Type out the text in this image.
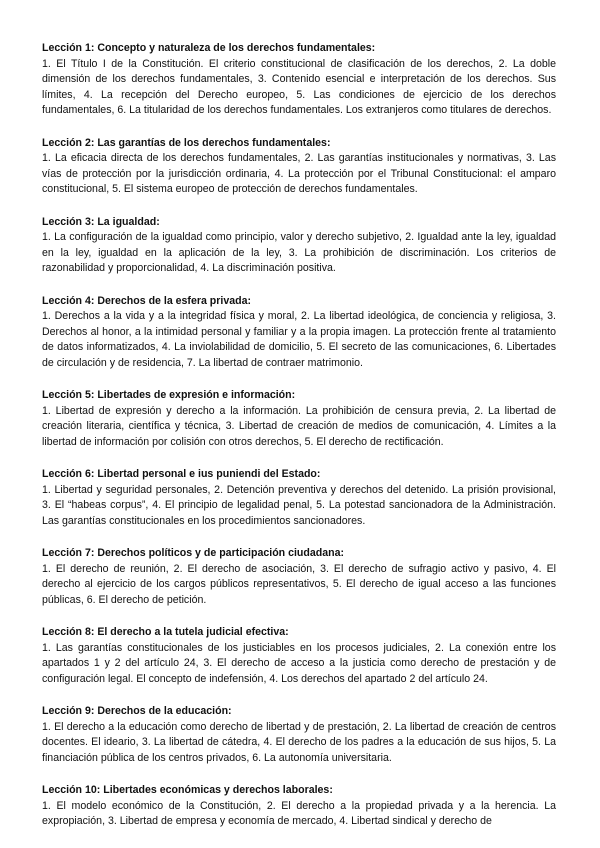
Lección 1: Concepto y naturaleza de los derechos fundamentales:

1. El Título I de la Constitución. El criterio constitucional de clasificación de los derechos, 2. La doble dimensión de los derechos fundamentales, 3. Contenido esencial e interpretación de los derechos. Sus límites, 4. La recepción del Derecho europeo, 5. Las condiciones de ejercicio de los derechos fundamentales, 6. La titularidad de los derechos fundamentales. Los extranjeros como titulares de derechos.

Lección 2: Las garantías de los derechos fundamentales:

1. La eficacia directa de los derechos fundamentales, 2. Las garantías institucionales y normativas, 3. Las vías de protección por la jurisdicción ordinaria, 4. La protección por el Tribunal Constitucional: el amparo constitucional, 5. El sistema europeo de protección de derechos fundamentales.

Lección 3: La igualdad:

1. La configuración de la igualdad como principio, valor y derecho subjetivo, 2. Igualdad ante la ley, igualdad en la ley, igualdad en la aplicación de la ley, 3. La prohibición de discriminación. Los criterios de razonabilidad y proporcionalidad, 4. La discriminación positiva.

Lección 4: Derechos de la esfera privada:

1. Derechos a la vida y a la integridad física y moral, 2. La libertad ideológica, de conciencia y religiosa, 3. Derechos al honor, a la intimidad personal y familiar y a la propia imagen. La protección frente al tratamiento de datos informatizados, 4. La inviolabilidad de domicilio, 5. El secreto de las comunicaciones, 6. Libertades de circulación y de residencia, 7. La libertad de contraer matrimonio.

Lección 5: Libertades de expresión e información:

1. Libertad de expresión y derecho a la información. La prohibición de censura previa, 2. La libertad de creación literaria, científica y técnica, 3. Libertad de creación de medios de comunicación, 4. Límites a la libertad de información por colisión con otros derechos, 5. El derecho de rectificación.

Lección 6: Libertad personal e ius puniendi del Estado:

1. Libertad y seguridad personales, 2. Detención preventiva y derechos del detenido. La prisión provisional, 3. El “habeas corpus”, 4. El principio de legalidad penal, 5. La potestad sancionadora de la Administración. Las garantías constitucionales en los procedimientos sancionadores.

Lección 7: Derechos políticos y de participación ciudadana:

1. El derecho de reunión, 2. El derecho de asociación, 3. El derecho de sufragio activo y pasivo, 4. El derecho al ejercicio de los cargos públicos representativos, 5. El derecho de igual acceso a las funciones públicas, 6. El derecho de petición.

Lección 8: El derecho a la tutela judicial efectiva:

1. Las garantías constitucionales de los justiciables en los procesos judiciales, 2. La conexión entre los apartados 1 y 2 del artículo 24, 3. El derecho de acceso a la justicia como derecho de prestación y de configuración legal. El concepto de indefensión, 4. Los derechos del apartado 2 del artículo 24.

Lección 9: Derechos de la educación:

1. El derecho a la educación como derecho de libertad y de prestación, 2. La libertad de creación de centros docentes. El ideario, 3. La libertad de cátedra, 4. El derecho de los padres a la educación de sus hijos, 5. La financiación pública de los centros privados, 6. La autonomía universitaria.

Lección 10: Libertades económicas y derechos laborales:

1. El modelo económico de la Constitución, 2. El derecho a la propiedad privada y a la herencia. La expropiación, 3. Libertad de empresa y economía de mercado, 4. Libertad sindical y derecho de
